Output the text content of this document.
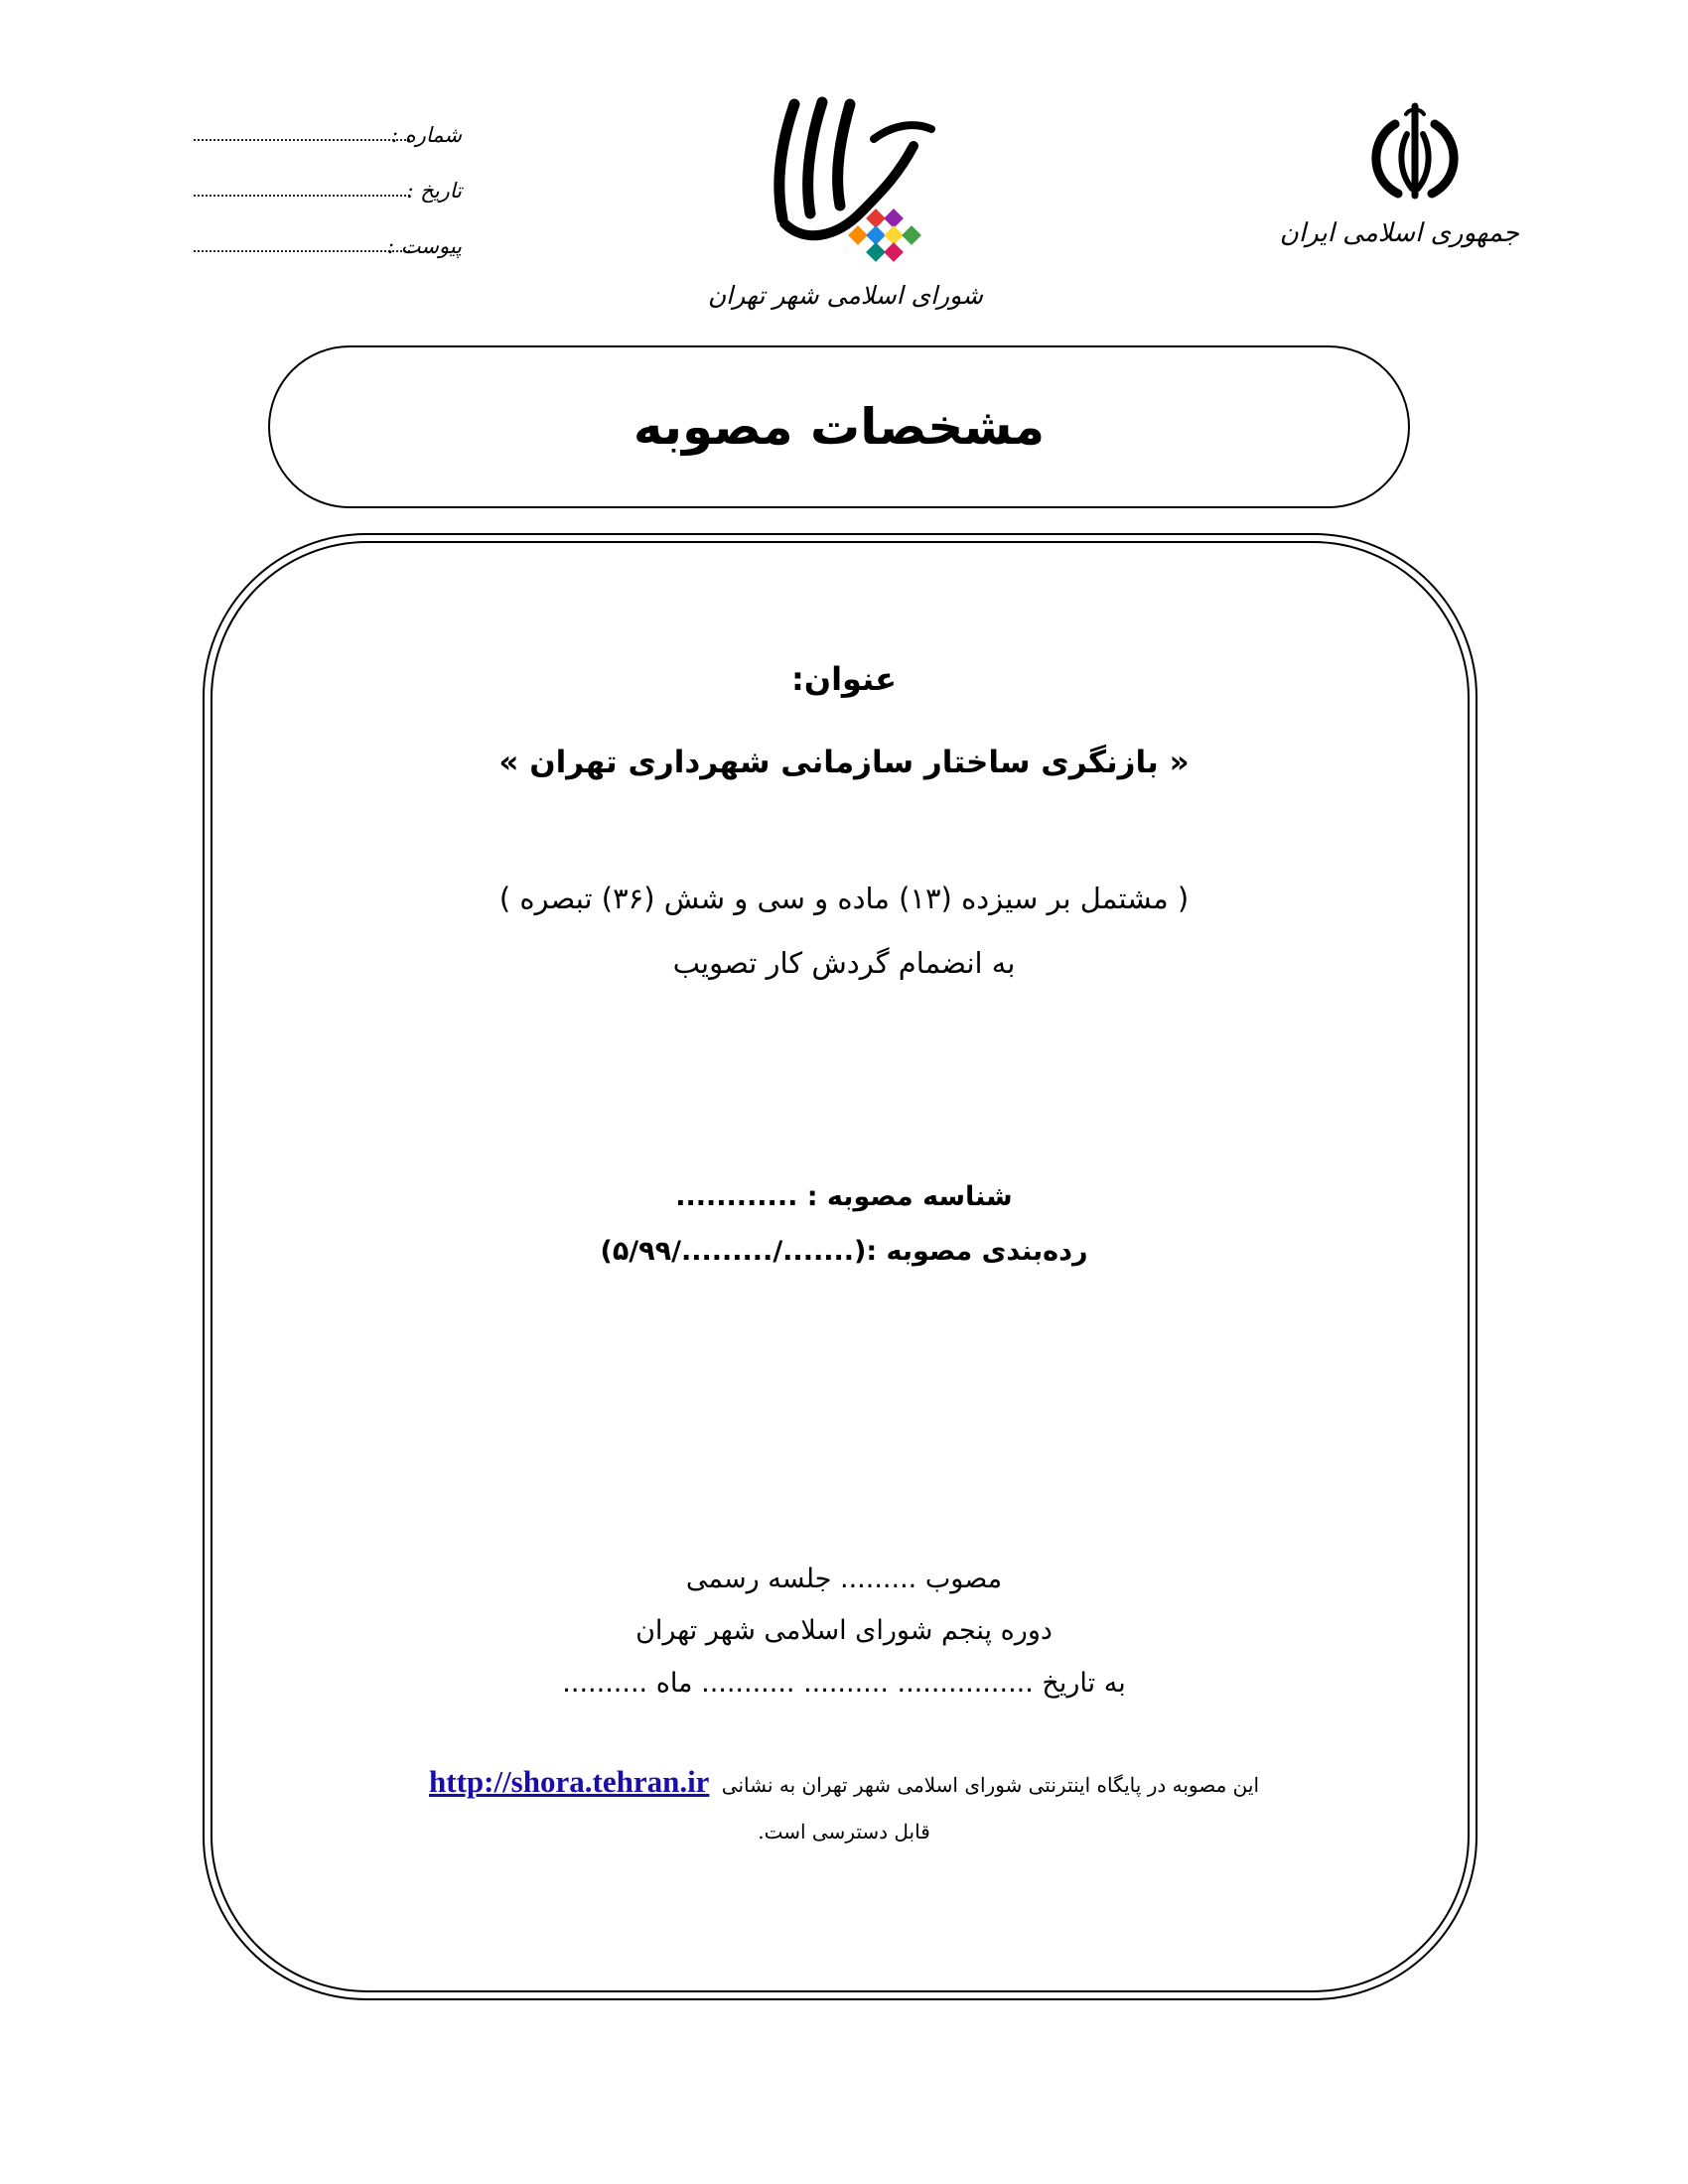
شماره :
تاریخ :
پیوست :
شورای اسلامی شهر تهران
جمهوری اسلامی ایران
مشخصات مصوبه
عنوان:
« بازنگری ساختار سازمانی شهرداری تهران »
( مشتمل بر سیزده (۱۳) ماده و سی و شش (۳۶) تبصره )
به انضمام گردش کار تصویب
شناسه مصوبه : ............
رده‌بندی مصوبه :(......./........./۵/۹۹)
مصوب ......... جلسه رسمی
دوره پنجم شورای اسلامی شهر تهران
به تاریخ ................ .......... ........... ماه ..........
این مصوبه در پایگاه اینترنتی شورای اسلامی شهر تهران به نشانی http://shora.tehran.ir
قابل دسترسی است.
